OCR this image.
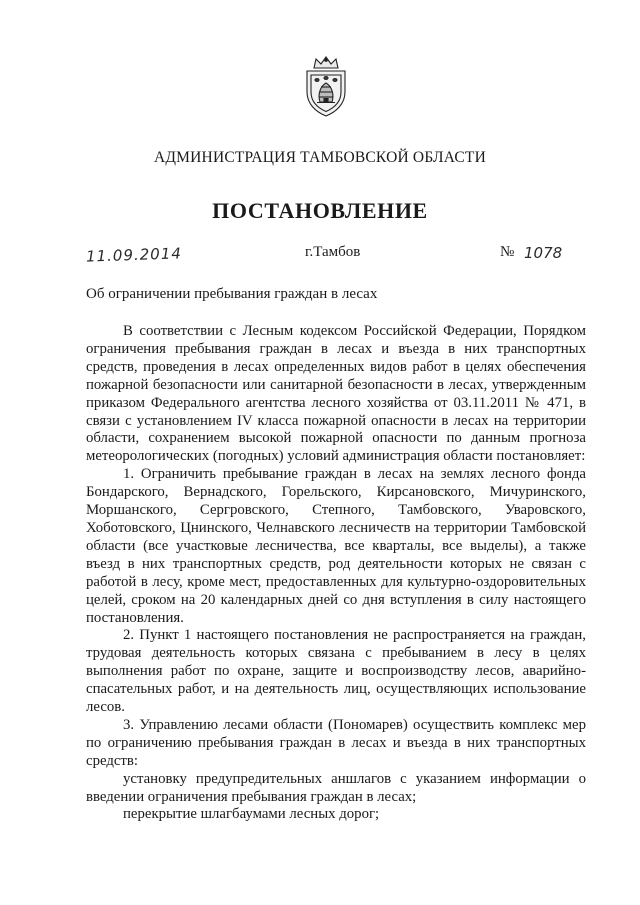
АДМИНИСТРАЦИЯ ТАМБОВСКОЙ ОБЛАСТИ
ПОСТАНОВЛЕНИЕ
11.09.2014	г.Тамбов	№ 1078
Об ограничении пребывания граждан в лесах

В соответствии с Лесным кодексом Российской Федерации, Порядком ограничения пребывания граждан в лесах и въезда в них транспортных средств, проведения в лесах определенных видов работ в целях обеспечения пожарной безопасности или санитарной безопасности в лесах, утвержденным приказом Федерального агентства лесного хозяйства от 03.11.2011 № 471, в связи с установлением IV класса пожарной опасности в лесах на территории области, сохранением высокой пожарной опасности по данным прогноза метеорологических (погодных) условий администрация области постановляет:

1. Ограничить пребывание граждан в лесах на землях лесного фонда Бондарского, Вернадского, Горельского, Кирсановского, Мичуринского, Моршанского, Сергровского, Степного, Тамбовского, Уваровского, Хоботовского, Цнинского, Челнавского лесничеств на территории Тамбовской области (все участковые лесничества, все кварталы, все выделы), а также въезд в них транспортных средств, род деятельности которых не связан с работой в лесу, кроме мест, предоставленных для культурно-оздоровительных целей, сроком на 20 календарных дней со дня вступления в силу настоящего постановления.

2. Пункт 1 настоящего постановления не распространяется на граждан, трудовая деятельность которых связана с пребыванием в лесу в целях выполнения работ по охране, защите и воспроизводству лесов, аварийно-спасательных работ, и на деятельность лиц, осуществляющих использование лесов.

3. Управлению лесами области (Пономарев) осуществить комплекс мер по ограничению пребывания граждан в лесах и въезда в них транспортных средств:

установку предупредительных аншлагов с указанием информации о введении ограничения пребывания граждан в лесах;

перекрытие шлагбаумами лесных дорог;
